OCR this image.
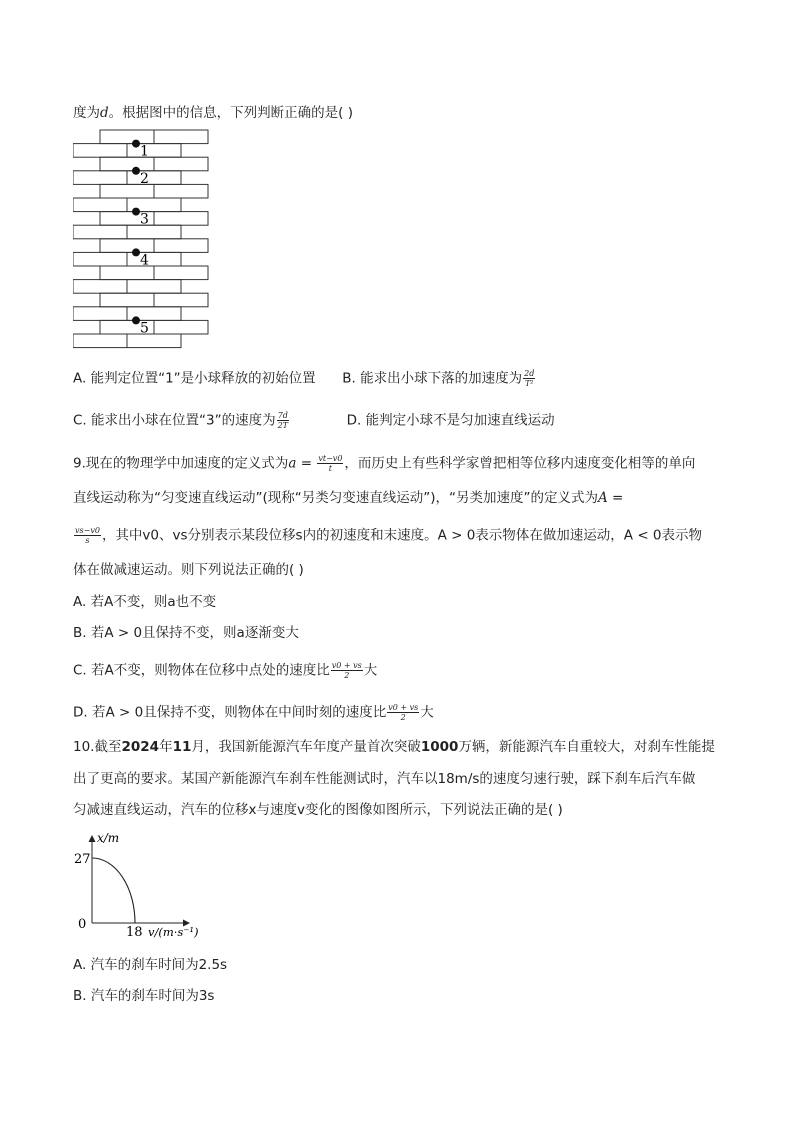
度为d。根据图中的信息，下列判断正确的是( )
1
2
3
4
5
A. 能判定位置“1”是小球释放的初始位置 B. 能求出小球下落的加速度为 $\frac{2d}{\text{T²}}$
C. 能求出小球在位置“3”的速度为 $\frac{7d}{2T}$	D. 能判定小球不是匀加速直线运动
9.现在的物理学中加速度的定义式为$a = \frac{vt-v0}{t}$ ，而历史上有些科学家曾把相等位移内速度变化相等的单向
直线运动称为“匀变速直线运动”(现称“另类匀变速直线运动”)，“另类加速度”的定义式为A =
$\frac{vs-v0}{s}$ ，其中v0、vs分别表示某段位移s内的初速度和末速度。A > 0表示物体在做加速运动，A < 0表示物
体在做减速运动。则下列说法正确的( )
A. 若A不变，则a也不变
B. 若A > 0且保持不变，则a逐渐变大
C. 若A不变，则物体在位移中点处的速度比 $\frac{v0 + vs}{2}$ 大
D. 若A > 0且保持不变，则物体在中间时刻的速度比 $\frac{v0 + vs}{2}$ 大
10.截至2024年11月，我国新能源汽车年度产量首次突破1000万辆，新能源汽车自重较大，对刹车性能提
出了更高的要求。某国产新能源汽车刹车性能测试时，汽车以18m/s的速度匀速行驶，踩下刹车后汽车做
匀减速直线运动，汽车的位移x与速度v变化的图像如图所示，下列说法正确的是( )
x/m
27
0
18 v/(m·s⁻¹)
A. 汽车的刹车时间为2.5s
B. 汽车的刹车时间为3s
